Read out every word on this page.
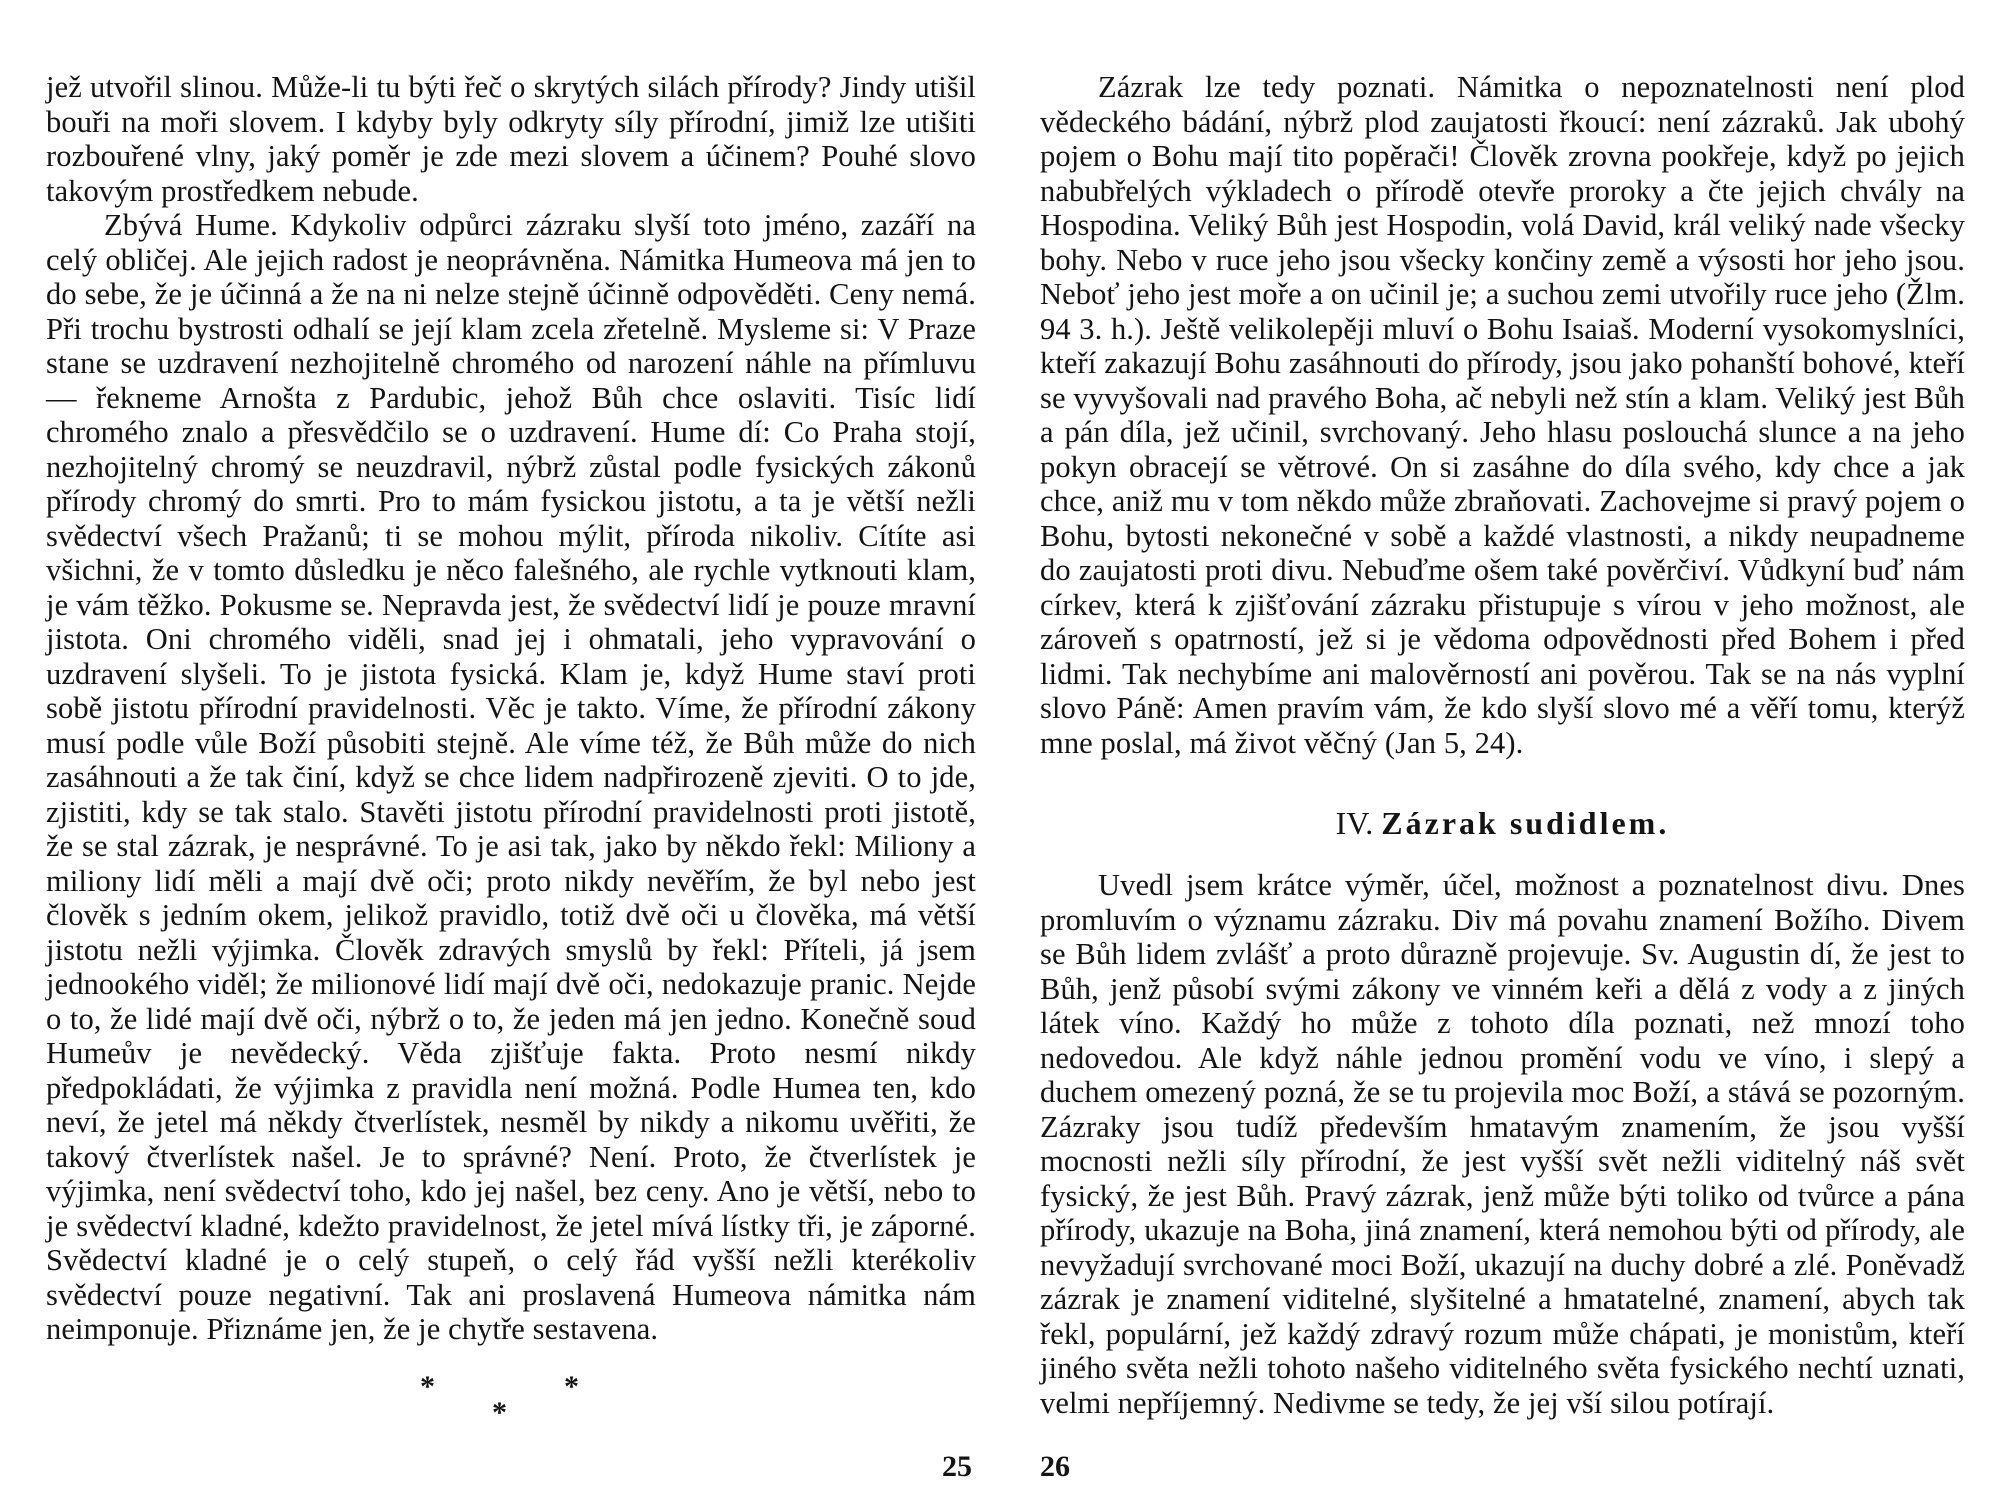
jež utvořil slinou. Může-li tu býti řeč o skrytých silách přírody? Jindy utišil bouři na moři slovem. I kdyby byly odkryty síly přírodní, jimiž lze utišiti rozbouřené vlny, jaký poměr je zde mezi slovem a účinem? Pouhé slovo takovým prostředkem nebude.

Zbývá Hume. Kdykoliv odpůrci zázraku slyší toto jméno, zazáří na celý obličej. Ale jejich radost je neoprávněna. Námitka Humeova má jen to do sebe, že je účinná a že na ni nelze stejně účinně odpověděti. Ceny nemá. Při trochu bystrosti odhalí se její klam zcela zřetelně. Mysleme si: V Praze stane se uzdravení nezhojitelně chromého od narození náhle na přímluvu — řekneme Arnošta z Pardubic, jehož Bůh chce oslaviti. Tisíc lidí chromého znalo a přesvědčilo se o uzdravení. Hume dí: Co Praha stojí, nezhojitelný chromý se neuzdravil, nýbrž zůstal podle fysických zákonů přírody chromý do smrti. Pro to mám fysickou jistotu, a ta je větší nežli svědectví všech Pražanů; ti se mohou mýlit, příroda nikoliv. Cítíte asi všichni, že v tomto důsledku je něco falešného, ale rychle vytknouti klam, je vám těžko. Pokusme se. Nepravda jest, že svědectví lidí je pouze mravní jistota. Oni chromého viděli, snad jej i ohmatali, jeho vypravování o uzdravení slyšeli. To je jistota fysická. Klam je, když Hume staví proti sobě jistotu přírodní pravidelnosti. Věc je takto. Víme, že přírodní zákony musí podle vůle Boží působiti stejně. Ale víme též, že Bůh může do nich zasáhnouti a že tak činí, když se chce lidem nadpřirozeně zjeviti. O to jde, zjistiti, kdy se tak stalo. Stavěti jistotu přírodní pravidelnosti proti jistotě, že se stal zázrak, je nesprávné. To je asi tak, jako by někdo řekl: Miliony a miliony lidí měli a mají dvě oči; proto nikdy nevěřím, že byl nebo jest člověk s jedním okem, jelikož pravidlo, totiž dvě oči u člověka, má větší jistotu nežli výjimka. Člověk zdravých smyslů by řekl: Příteli, já jsem jednookého viděl; že milionové lidí mají dvě oči, nedokazuje pranic. Nejde o to, že lidé mají dvě oči, nýbrž o to, že jeden má jen jedno. Konečně soud Humeův je nevědecký. Věda zjišťuje fakta. Proto nesmí nikdy předpokládati, že výjimka z pravidla není možná. Podle Humea ten, kdo neví, že jetel má někdy čtverlístek, nesměl by nikdy a nikomu uvěřiti, že takový čtverlístek našel. Je to správné? Není. Proto, že čtverlístek je výjimka, není svědectví toho, kdo jej našel, bez ceny. Ano je větší, nebo to je svědectví kladné, kdežto pravidelnost, že jetel mívá lístky tři, je záporné. Svědectví kladné je o celý stupeň, o celý řád vyšší nežli kterékoliv svědectví pouze negativní. Tak ani proslavená Humeova námitka nám neimponuje. Přiznáme jen, že je chytře sestavena.

*	*
*
25

Zázrak lze tedy poznati. Námitka o nepoznatelnosti není plod vědeckého bádání, nýbrž plod zaujatosti řkoucí: není zázraků. Jak ubohý pojem o Bohu mají tito popěrači! Člověk zrovna pookřeje, když po jejich nabubřelých výkladech o přírodě otevře proroky a čte jejich chvály na Hospodina. Veliký Bůh jest Hospodin, volá David, král veliký nade všecky bohy. Nebo v ruce jeho jsou všecky končiny země a výsosti hor jeho jsou. Neboť jeho jest moře a on učinil je; a suchou zemi utvořily ruce jeho (Žlm. 94 3. h.). Ještě velikolepěji mluví o Bohu Isaiaš. Moderní vysokomyslníci, kteří zakazují Bohu zasáhnouti do přírody, jsou jako pohanští bohové, kteří se vyvyšovali nad pravého Boha, ač nebyli než stín a klam. Veliký jest Bůh a pán díla, jež učinil, svrchovaný. Jeho hlasu poslouchá slunce a na jeho pokyn obracejí se větrové. On si zasáhne do díla svého, kdy chce a jak chce, aniž mu v tom někdo může zbraňovati. Zachovejme si pravý pojem o Bohu, bytosti nekonečné v sobě a každé vlastnosti, a nikdy neupadneme do zaujatosti proti divu. Nebuďme ošem také pověrčiví. Vůdkyní buď nám církev, která k zjišťování zázraku přistupuje s vírou v jeho možnost, ale zároveň s opatrností, jež si je vědoma odpovědnosti před Bohem i před lidmi. Tak nechybíme ani malověrností ani pověrou. Tak se na nás vyplní slovo Páně: Amen pravím vám, že kdo slyší slovo mé a věří tomu, kterýž mne poslal, má život věčný (Jan 5, 24).

IV. Zázrak sudidlem.

Uvedl jsem krátce výměr, účel, možnost a poznatelnost divu. Dnes promluvím o významu zázraku. Div má povahu znamení Božího. Divem se Bůh lidem zvlášť a proto důrazně projevuje. Sv. Augustin dí, že jest to Bůh, jenž působí svými zákony ve vinném keři a dělá z vody a z jiných látek víno. Každý ho může z tohoto díla poznati, než mnozí toho nedovedou. Ale když náhle jednou promění vodu ve víno, i slepý a duchem omezený pozná, že se tu projevila moc Boží, a stává se pozorným. Zázraky jsou tudíž především hmatavým znamením, že jsou vyšší mocnosti nežli síly přírodní, že jest vyšší svět nežli viditelný náš svět fysický, že jest Bůh. Pravý zázrak, jenž může býti toliko od tvůrce a pána přírody, ukazuje na Boha, jiná znamení, která nemohou býti od přírody, ale nevyžadují svrchované moci Boží, ukazují na duchy dobré a zlé. Poněvadž zázrak je znamení viditelné, slyšitelné a hmatatelné, znamení, abych tak řekl, populární, jež každý zdravý rozum může chápati, je monistům, kteří jiného světa nežli tohoto našeho viditelného světa fysického nechtí uznati, velmi nepříjemný. Nedivme se tedy, že jej vší silou potírají.

26
